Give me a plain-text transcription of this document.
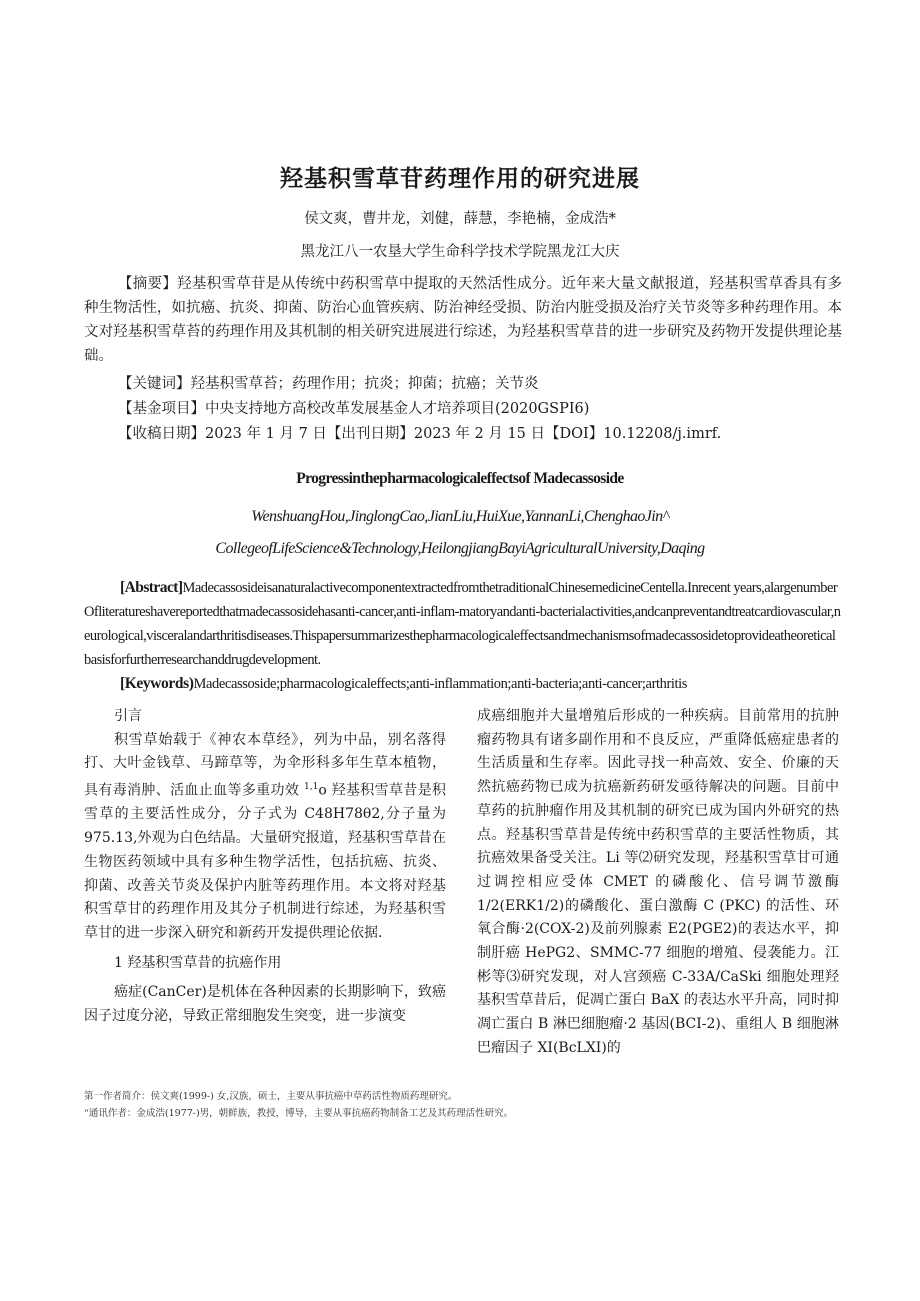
羟基积雪草苷药理作用的研究进展
侯文爽，曹井龙，刘健，薛慧，李艳楠，金成浩*
黑龙江八一农垦大学生命科学技术学院黑龙江大庆
【摘要】羟基积雪草苷是从传统中药积雪草中提取的天然活性成分。近年来大量文献报道，羟基积雪草香具有多种生物活性，如抗癌、抗炎、抑菌、防治心血管疾病、防治神经受损、防治内脏受损及治疗关节炎等多种药理作用。本文对羟基积雪草苔的药理作用及其机制的相关研究进展进行综述，为羟基积雪草昔的进一步研究及药物开发提供理论基础。
【关键词】羟基积雪草苔；药理作用；抗炎；抑菌；抗癌；关节炎
【基金项目】中央支持地方高校改革发展基金人才培养项目(2020GSPI6)
【收稿日期】2023 年 1 月 7 日【出刊日期】2023 年 2 月 15 日【DOI】10.12208/j.imrf.
Progressinthepharmacologicaleffectsof Madecassoside
WenshuangHou,JinglongCao,JianLiu,HuiXue,YannanLi,ChenghaoJin^
CollegeofLifeScience&Technology,HeilongjiangBayiAgriculturalUniversity,Daqing
[Abstract]MadecassosideisanaturalactivecomponentextractedfromthetraditionalChinesemedicineCentella.Inrecent years,alargenumberOfliteratureshavereportedthatmadecassosidehasanti-cancer,anti-inflam-matoryandanti-bacterialactivities,andcanpreventandtreatcardiovascular,neurological,visceralandarthritisdiseases.Thispapersummarizesthepharmacologicaleffectsandmechanismsofmadecassosidetoprovideatheoreticalbasisforfurtherresearchanddrugdevelopment.
[Keywords)Madecassoside;pharmacologicaleffects;anti-inflammation;anti-bacteria;anti-cancer;arthritis

引言

积雪草始载于《神农本草经》，列为中品，别名落得打、大叶金钱草、马蹄草等，为伞形科多年生草本植物，具有毒消肿、活血止血等多重功效 $^{1,1}$o 羟基积雪草昔是积雪草的主要活性成分，分子式为 C48H78θ2,分子量为 975.13,外观为白色结晶。大量研究报道，羟基积雪草昔在生物医药领域中具有多种生物学活性，包括抗癌、抗炎、抑菌、改善关节炎及保护内脏等药理作用。本文将对羟基积雪草甘的药理作用及其分子机制进行综述，为羟基积雪草甘的进一步深入研究和新药开发提供理论依据.

1 羟基积雪草昔的抗癌作用

癌症(CanCer)是机体在各种因素的长期影响下，致癌因子过度分泌，导致正常细胞发生突变，进一步演变

成癌细胞并大量增殖后形成的一种疾病。目前常用的抗肿瘤药物具有诸多副作用和不良反应，严重降低癌症患者的生活质量和生存率。因此寻找一种高效、安全、价廉的天然抗癌药物已成为抗癌新药研发亟待解决的问题。目前中草药的抗肿瘤作用及其机制的研究已成为国内外研究的热点。羟基积雪草昔是传统中药积雪草的主要活性物质，其抗癌效果备受关注。Li 等⑵研究发现，羟基积雪草甘可通过调控相应受体 CMET 的磷酸化、信号调节激酶 1/2(ERK1/2)的磷酸化、蛋白激酶 C (PKC) 的活性、环氧合酶·2(COX-2)及前列腺素 E2(PGE2)的表达水平，抑制肝癌 HePG2、SMMC-77 细胞的增殖、侵袭能力。江彬等⑶研究发现，对人宫颈癌 C-33A/CaSki 细胞处理羟基积雪草昔后，促凋亡蛋白 BaX 的表达水平升高，同时抑凋亡蛋白 B 淋巴细胞瘤·2 基因(BCI-2)、重组人 B 细胞淋巴瘤因子 XI(BcLXI)的

第一作者简介：侯文爽(1999-) 女,汉族，硕士，主要从事抗癌中草药活性物质药理研究。

“通讯作者：金成浩(1977-)男，朝鲜族，教授，博导，主要从事抗癌药物制备工艺及其药理活性研究。
